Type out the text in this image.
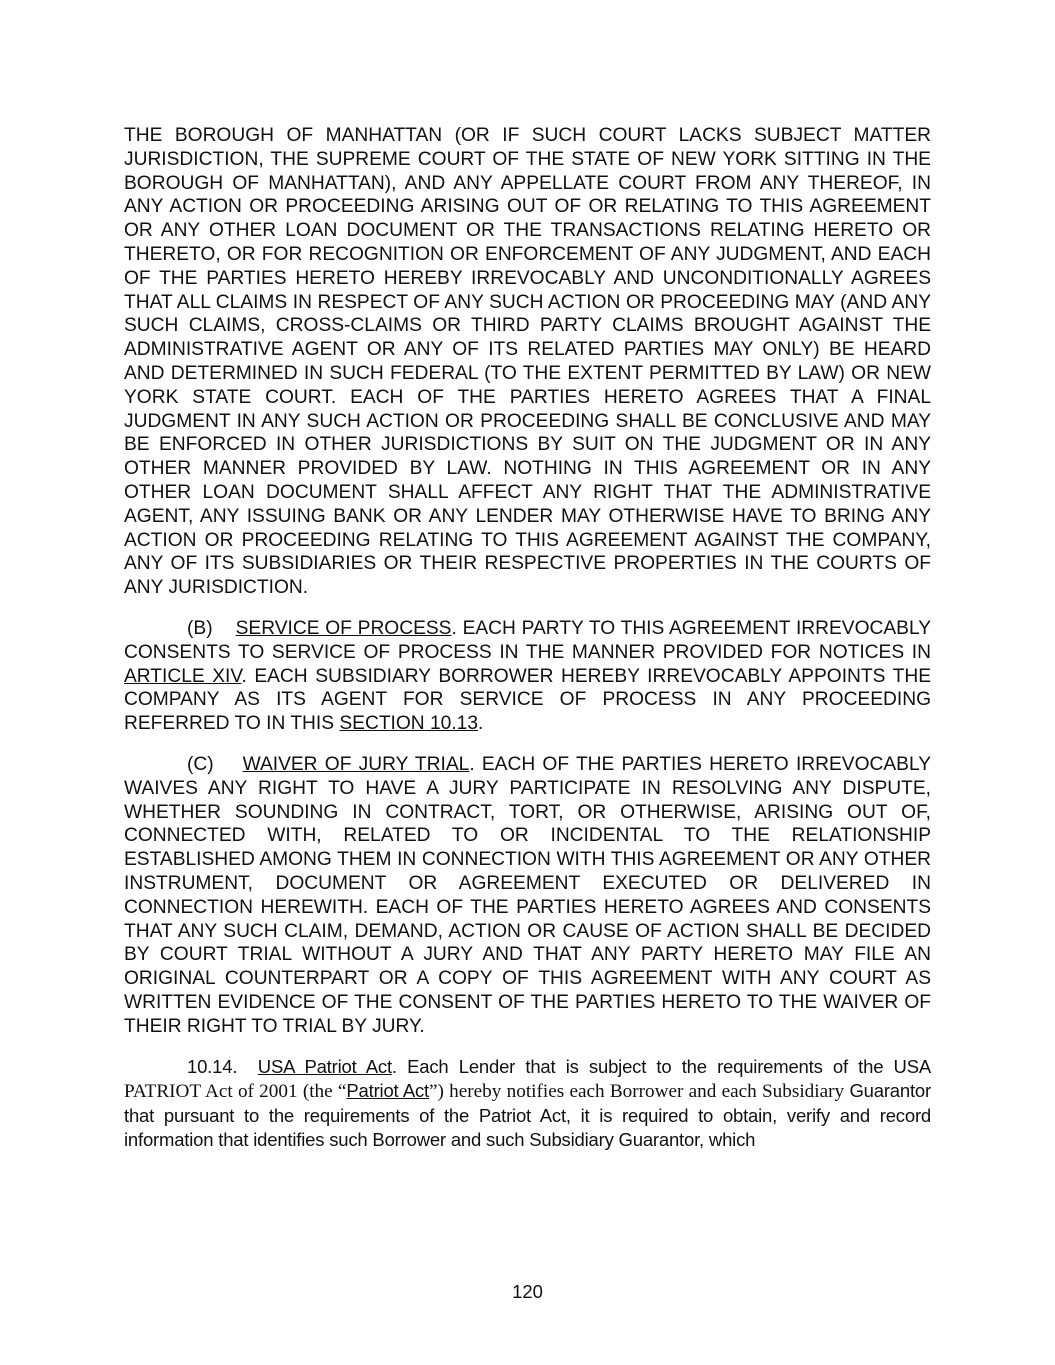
THE BOROUGH OF MANHATTAN (OR IF SUCH COURT LACKS SUBJECT MATTER JURISDICTION, THE SUPREME COURT OF THE STATE OF NEW YORK SITTING IN THE BOROUGH OF MANHATTAN), AND ANY APPELLATE COURT FROM ANY THEREOF, IN ANY ACTION OR PROCEEDING ARISING OUT OF OR RELATING TO THIS AGREEMENT OR ANY OTHER LOAN DOCUMENT OR THE TRANSACTIONS RELATING HERETO OR THERETO, OR FOR RECOGNITION OR ENFORCEMENT OF ANY JUDGMENT, AND EACH OF THE PARTIES HERETO HEREBY IRREVOCABLY AND UNCONDITIONALLY AGREES THAT ALL CLAIMS IN RESPECT OF ANY SUCH ACTION OR PROCEEDING MAY (AND ANY SUCH CLAIMS, CROSS-CLAIMS OR THIRD PARTY CLAIMS BROUGHT AGAINST THE ADMINISTRATIVE AGENT OR ANY OF ITS RELATED PARTIES MAY ONLY) BE HEARD AND DETERMINED IN SUCH FEDERAL (TO THE EXTENT PERMITTED BY LAW) OR NEW YORK STATE COURT. EACH OF THE PARTIES HERETO AGREES THAT A FINAL JUDGMENT IN ANY SUCH ACTION OR PROCEEDING SHALL BE CONCLUSIVE AND MAY BE ENFORCED IN OTHER JURISDICTIONS BY SUIT ON THE JUDGMENT OR IN ANY OTHER MANNER PROVIDED BY LAW. NOTHING IN THIS AGREEMENT OR IN ANY OTHER LOAN DOCUMENT SHALL AFFECT ANY RIGHT THAT THE ADMINISTRATIVE AGENT, ANY ISSUING BANK OR ANY LENDER MAY OTHERWISE HAVE TO BRING ANY ACTION OR PROCEEDING RELATING TO THIS AGREEMENT AGAINST THE COMPANY, ANY OF ITS SUBSIDIARIES OR THEIR RESPECTIVE PROPERTIES IN THE COURTS OF ANY JURISDICTION.

(B) SERVICE OF PROCESS. EACH PARTY TO THIS AGREEMENT IRREVOCABLY CONSENTS TO SERVICE OF PROCESS IN THE MANNER PROVIDED FOR NOTICES IN ARTICLE XIV. EACH SUBSIDIARY BORROWER HEREBY IRREVOCABLY APPOINTS THE COMPANY AS ITS AGENT FOR SERVICE OF PROCESS IN ANY PROCEEDING REFERRED TO IN THIS SECTION 10.13.

(C) WAIVER OF JURY TRIAL. EACH OF THE PARTIES HERETO IRREVOCABLY WAIVES ANY RIGHT TO HAVE A JURY PARTICIPATE IN RESOLVING ANY DISPUTE, WHETHER SOUNDING IN CONTRACT, TORT, OR OTHERWISE, ARISING OUT OF, CONNECTED WITH, RELATED TO OR INCIDENTAL TO THE RELATIONSHIP ESTABLISHED AMONG THEM IN CONNECTION WITH THIS AGREEMENT OR ANY OTHER INSTRUMENT, DOCUMENT OR AGREEMENT EXECUTED OR DELIVERED IN CONNECTION HEREWITH. EACH OF THE PARTIES HERETO AGREES AND CONSENTS THAT ANY SUCH CLAIM, DEMAND, ACTION OR CAUSE OF ACTION SHALL BE DECIDED BY COURT TRIAL WITHOUT A JURY AND THAT ANY PARTY HERETO MAY FILE AN ORIGINAL COUNTERPART OR A COPY OF THIS AGREEMENT WITH ANY COURT AS WRITTEN EVIDENCE OF THE CONSENT OF THE PARTIES HERETO TO THE WAIVER OF THEIR RIGHT TO TRIAL BY JURY.

10.14. USA Patriot Act. Each Lender that is subject to the requirements of the USA PATRIOT Act of 2001 (the “Patriot Act”) hereby notifies each Borrower and each Subsidiary Guarantor that pursuant to the requirements of the Patriot Act, it is required to obtain, verify and record information that identifies such Borrower and such Subsidiary Guarantor, which

120
